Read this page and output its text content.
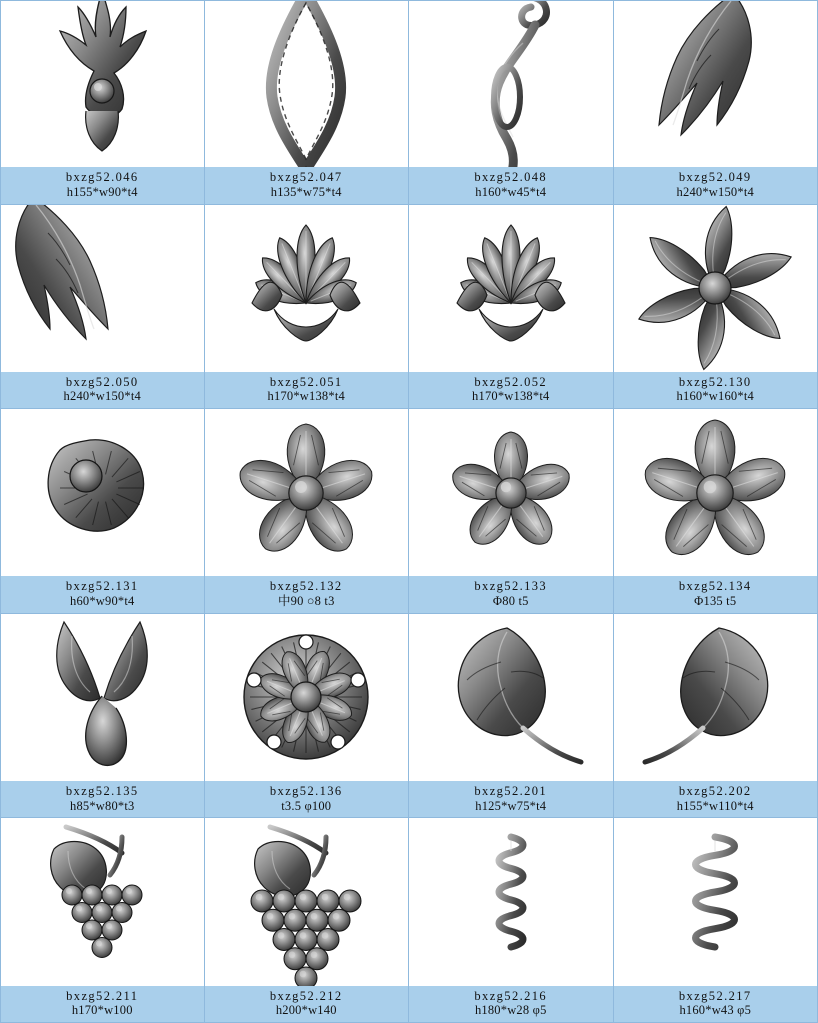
bxzg52.046
h155*w90*t4
bxzg52.047
h135*w75*t4
bxzg52.048
h160*w45*t4
bxzg52.049
h240*w150*t4
bxzg52.050
h240*w150*t4
bxzg52.051
h170*w138*t4
bxzg52.052
h170*w138*t4
bxzg52.130
h160*w160*t4
bxzg52.131
h60*w90*t4
bxzg52.132
中90 ○8 t3
bxzg52.133
Φ80 t5
bxzg52.134
Φ135 t5
bxzg52.135
h85*w80*t3
bxzg52.136
t3.5 φ100
bxzg52.201
h125*w75*t4
bxzg52.202
h155*w110*t4
bxzg52.211
h170*w100
bxzg52.212
h200*w140
bxzg52.216
h180*w28 φ5
bxzg52.217
h160*w43 φ5
